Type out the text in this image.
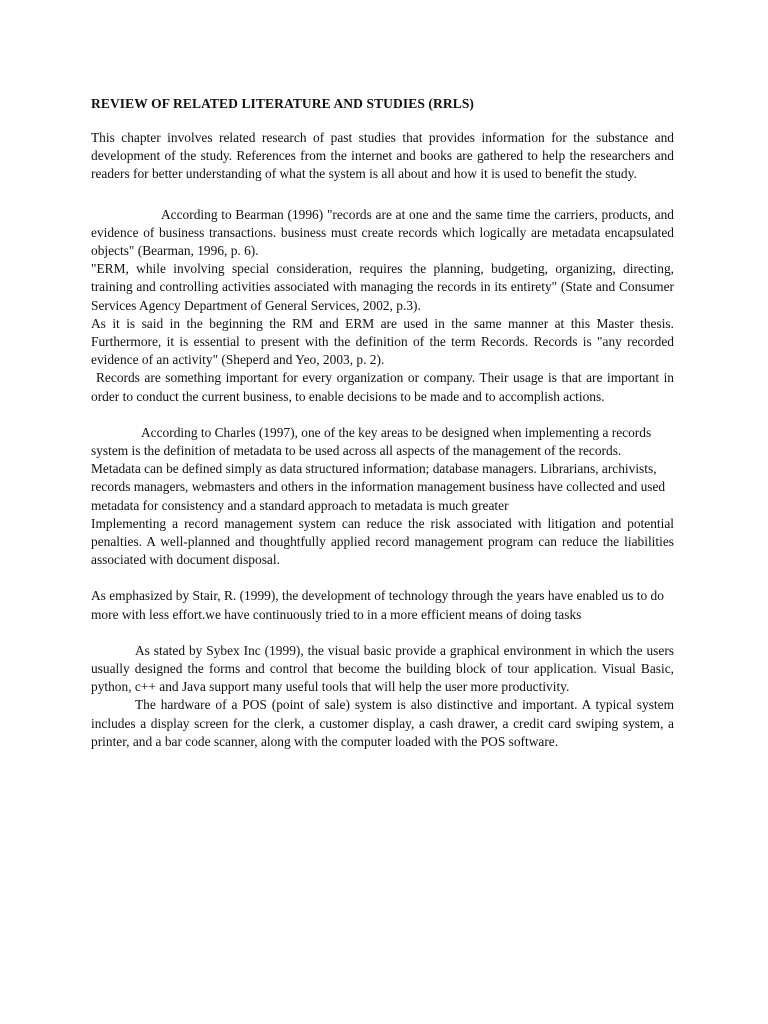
REVIEW OF RELATED LITERATURE AND STUDIES (RRLS)

This chapter involves related research of past studies that provides information for the substance and development of the study. References from the internet and books are gathered to help the researchers and readers for better understanding of what the system is all about and how it is used to benefit the study.

According to Bearman (1996) "records are at one and the same time the carriers, products, and evidence of business transactions. business must create records which logically are metadata encapsulated objects" (Bearman, 1996, p. 6).

"ERM, while involving special consideration, requires the planning, budgeting, organizing, directing, training and controlling activities associated with managing the records in its entirety" (State and Consumer Services Agency Department of General Services, 2002, p.3).

As it is said in the beginning the RM and ERM are used in the same manner at this Master thesis. Furthermore, it is essential to present with the definition of the term Records. Records is "any recorded evidence of an activity" (Sheperd and Yeo, 2003, p. 2).

Records are something important for every organization or company. Their usage is that are important in order to conduct the current business, to enable decisions to be made and to accomplish actions.

According to Charles (1997), one of the key areas to be designed when implementing a records system is the definition of metadata to be used across all aspects of the management of the records. Metadata can be defined simply as data structured information; database managers. Librarians, archivists, records managers, webmasters and others in the information management business have collected and used metadata for consistency and a standard approach to metadata is much greater

Implementing a record management system can reduce the risk associated with litigation and potential penalties. A well-planned and thoughtfully applied record management program can reduce the liabilities associated with document disposal.

As emphasized by Stair, R. (1999), the development of technology through the years have enabled us to do more with less effort.we have continuously tried to in a more efficient means of doing tasks

As stated by Sybex Inc (1999), the visual basic provide a graphical environment in which the users usually designed the forms and control that become the building block of tour application. Visual Basic, python, c++ and Java support many useful tools that will help the user more productivity.

The hardware of a POS (point of sale) system is also distinctive and important. A typical system includes a display screen for the clerk, a customer display, a cash drawer, a credit card swiping system, a printer, and a bar code scanner, along with the computer loaded with the POS software.
